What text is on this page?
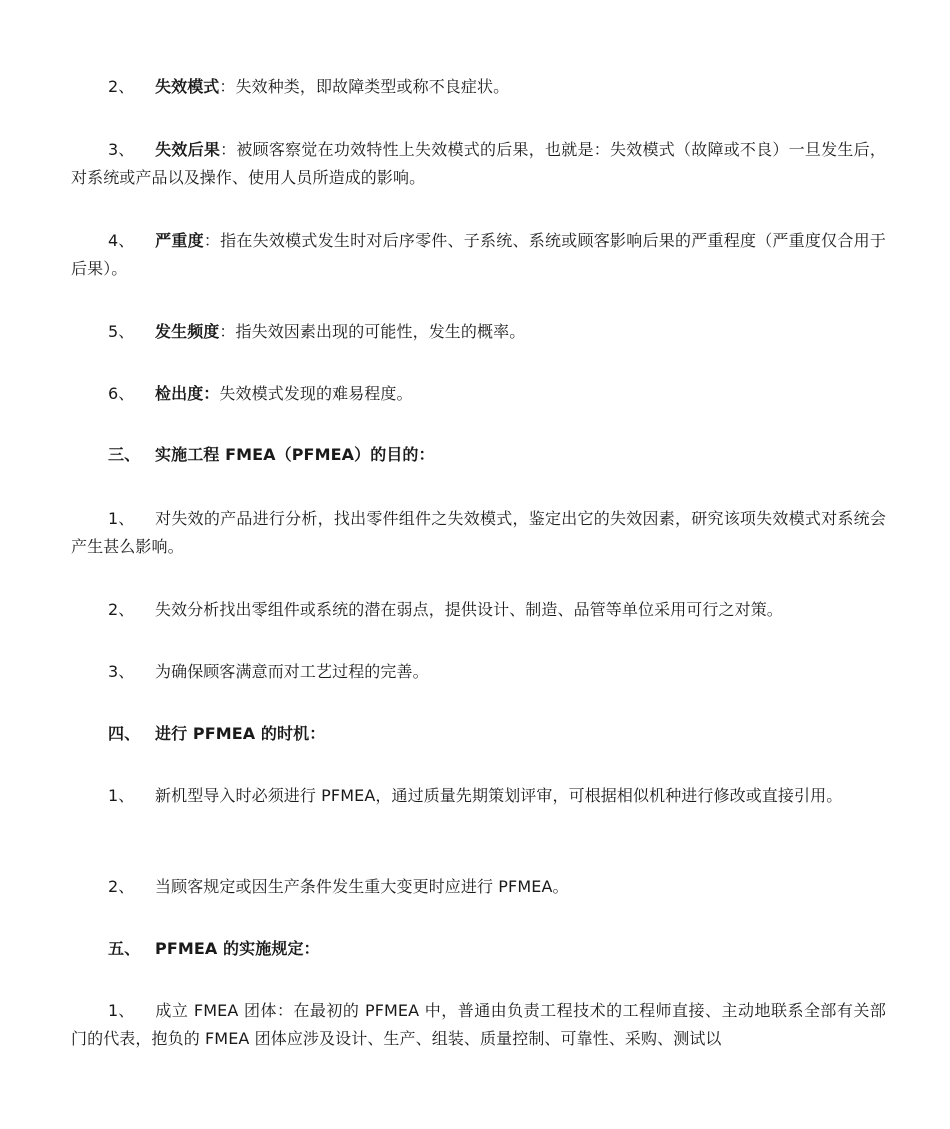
2、 失效模式：失效种类，即故障类型或称不良症状。
3、 失效后果：被顾客察觉在功效特性上失效模式的后果，也就是：失效模式（故障或不良）一旦发生后，对系统或产品以及操作、使用人员所造成的影响。
4、 严重度：指在失效模式发生时对后序零件、子系统、系统或顾客影响后果的严重程度（严重度仅合用于后果）。
5、 发生频度：指失效因素出现的可能性，发生的概率。
6、 检出度：失效模式发现的难易程度。
三、 实施工程 FMEA（PFMEA）的目的：
1、 对失效的产品进行分析，找出零件组件之失效模式，鉴定出它的失效因素，研究该项失效模式对系统会产生甚么影响。
2、 失效分析找出零组件或系统的潜在弱点，提供设计、制造、品管等单位采用可行之对策。
3、 为确保顾客满意而对工艺过程的完善。
四、 进行 PFMEA 的时机：
1、 新机型导入时必须进行 PFMEA，通过质量先期策划评审，可根据相似机种进行修改或直接引用。
2、 当顾客规定或因生产条件发生重大变更时应进行 PFMEA。
五、 PFMEA 的实施规定：
1、 成立 FMEA 团体：在最初的 PFMEA 中，普通由负责工程技术的工程师直接、主动地联系全部有关部门的代表，抱负的 FMEA 团体应涉及设计、生产、组装、质量控制、可靠性、采购、测试以
